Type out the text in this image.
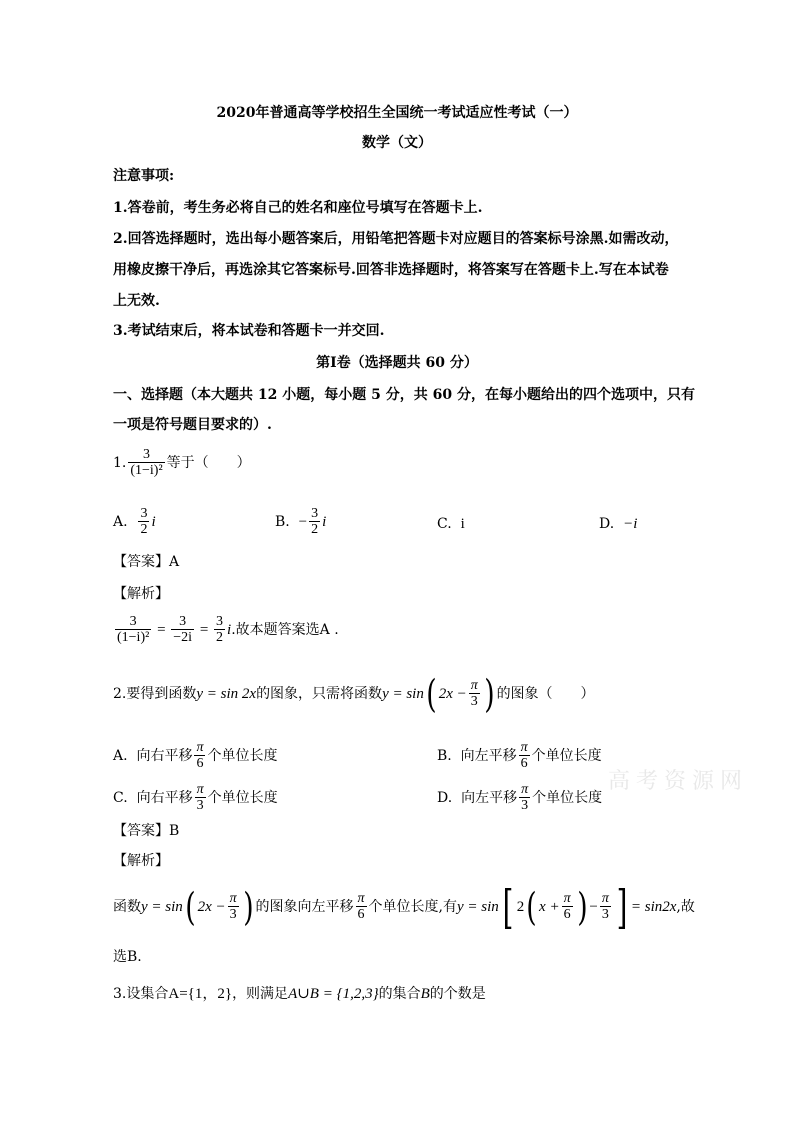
2020年普通高等学校招生全国统一考试适应性考试（一）
数学（文）
注意事项:
1.答卷前，考生务必将自己的姓名和座位号填写在答题卡上.
2.回答选择题时，选出每小题答案后，用铅笔把答题卡对应题目的答案标号涂黑.如需改动，
用橡皮擦干净后，再选涂其它答案标号.回答非选择题时，将答案写在答题卡上.写在本试卷
上无效.
3.考试结束后，将本试卷和答题卡一并交回.
第Ⅰ卷（选择题共 60 分）
一、选择题（本大题共 12 小题，每小题 5 分，共 60 分，在每小题给出的四个选项中，只有
一项是符号题目要求的）.
1. $\frac{3}{\text{(1−i)²}}$ 等于（　　）
A.
$\frac{3}{2}$ i	B.
− $\frac{3}{2}$ i	C. i	D. −i
【答案】A
【解析】
$\frac{3}{\text{(1−i)²}} = \frac{3}{-2i} = \frac{3}{2}$ i .故本题答案选A .
2.要得到函数 y = sin 2x 的图象，只需将函数 y = sin ( $2x - \frac{\pi}{3}$ ) 的图象（　　）
A.
向右平移 $\frac{\pi}{6}$ 个单位长度	B.
向左平移 $\frac{\pi}{6}$ 个单位长度
高考资源网
C.
向右平移 $\frac{\pi}{3}$ 个单位长度	D.
向左平移 $\frac{\pi}{3}$ 个单位长度
【答案】B
【解析】
函数 y = sin ( $2x - \frac{\pi}{3}$ ) 的图象向左平移 $\frac{\pi}{6}$ 个单位长度,有 y = sin [ 2 ( $x + \frac{\pi}{6}$ ) − $\frac{\pi}{3}$ ] = sin2x ,故
选B.
3.设集合 A={1，2} ，则满足 A∪B = {1,2,3} 的集合 B 的个数是
